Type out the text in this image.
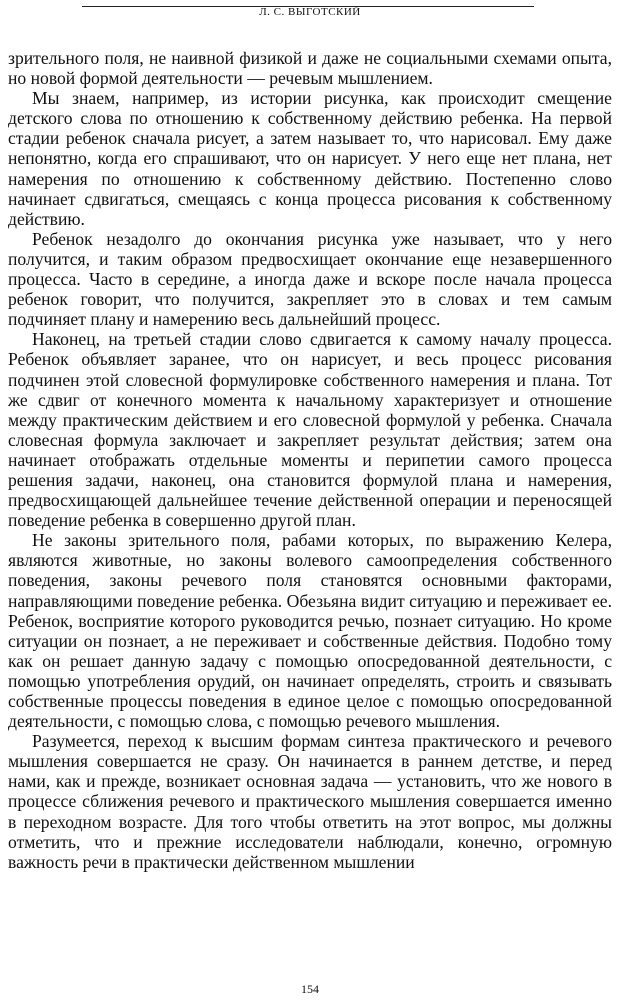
Л. С. ВЫГОТСКИЙ

зрительного поля, не наивной физикой и даже не социальными схемами опыта, но новой формой деятельности — речевым мышлением.

Мы знаем, например, из истории рисунка, как происходит смещение детского слова по отношению к собственному действию ребенка. На первой стадии ребенок сначала рисует, а затем называет то, что нарисовал. Ему даже непонятно, когда его спрашивают, что он нарисует. У него еще нет плана, нет намерения по отношению к собственному действию. Постепенно слово начинает сдвигаться, смещаясь с конца процесса рисования к собственному действию.

Ребенок незадолго до окончания рисунка уже называет, что у него получится, и таким образом предвосхищает окончание еще незавершенного процесса. Часто в середине, а иногда даже и вскоре после начала процесса ребенок говорит, что получится, закрепляет это в словах и тем самым подчиняет плану и намерению весь дальнейший процесс.

Наконец, на третьей стадии слово сдвигается к самому началу процесса. Ребенок объявляет заранее, что он нарисует, и весь процесс рисования подчинен этой словесной формулировке собственного намерения и плана. Тот же сдвиг от конечного момента к начальному характеризует и отношение между практическим действием и его словесной формулой у ребенка. Сначала словесная формула заключает и закрепляет результат действия; затем она начинает отображать отдельные моменты и перипетии самого процесса решения задачи, наконец, она становится формулой плана и намерения, предвосхищающей дальнейшее течение действенной операции и переносящей поведение ребенка в совершенно другой план.

Не законы зрительного поля, рабами которых, по выражению Келера, являются животные, но законы волевого самоопределения собственного поведения, законы речевого поля становятся основными факторами, направляющими поведение ребенка. Обезьяна видит ситуацию и переживает ее. Ребенок, восприятие которого руководится речью, познает ситуацию. Но кроме ситуации он познает, а не переживает и собственные действия. Подобно тому как он решает данную задачу с помощью опосредованной деятельности, с помощью употребления орудий, он начинает определять, строить и связывать собственные процессы поведения в единое целое с помощью опосредованной деятельности, с помощью слова, с помощью речевого мышления.

Разумеется, переход к высшим формам синтеза практического и речевого мышления совершается не сразу. Он начинается в раннем детстве, и перед нами, как и прежде, возникает основная задача — установить, что же нового в процессе сближения речевого и практического мышления совершается именно в переходном возрасте. Для того чтобы ответить на этот вопрос, мы должны отметить, что и прежние исследователи наблюдали, конечно, огромную важность речи в практически действенном мышлении

154
